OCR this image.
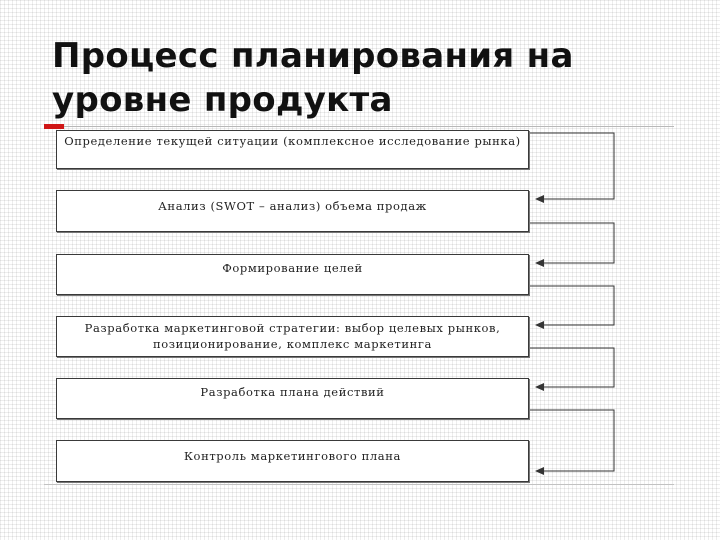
Процесс планирования на уровне продукта
Определение текущей ситуации (комплексное исследование рынка)
Анализ (SWOT – анализ) объема продаж
Формирование целей
Разработка маркетинговой стратегии: выбор целевых рынков, позиционирование, комплекс маркетинга
Разработка плана действий
Контроль маркетингового плана
